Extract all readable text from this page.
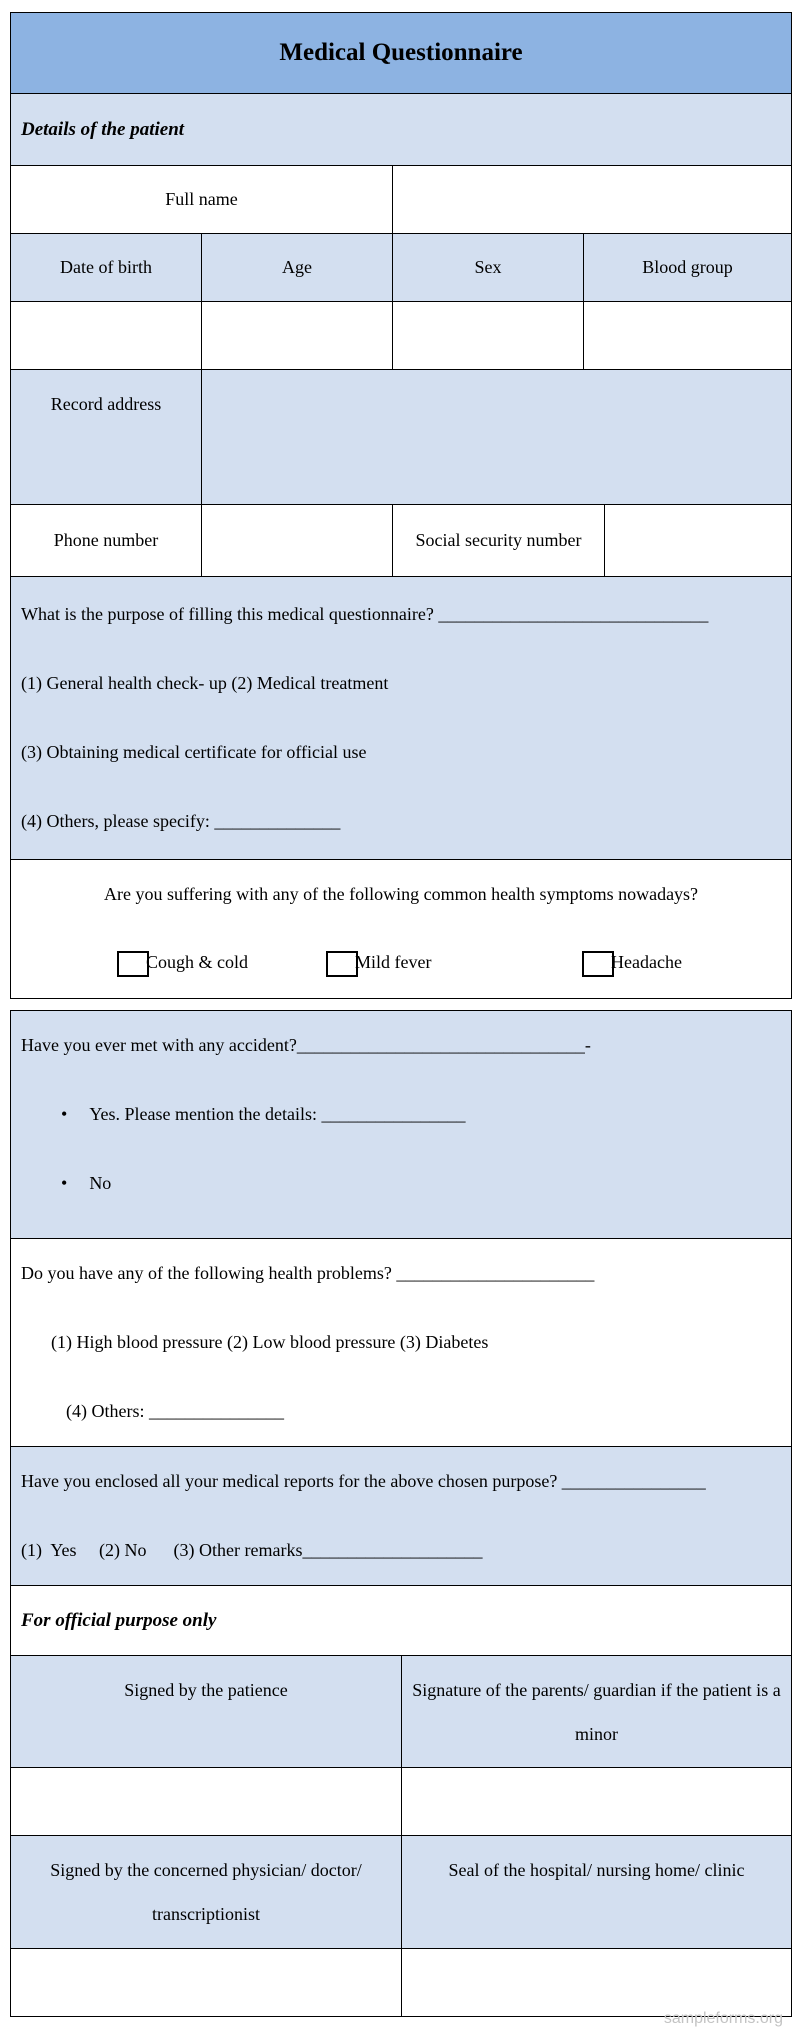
Medical Questionnaire			
Details of the patient			
Full name			
Date of birth	Age	Sex	Blood group

Record address			
Phone number		Social security number	

What is the purpose of filling this medical questionnaire? ______________________________
(1) General health check- up (2) Medical treatment
(3) Obtaining medical certificate for official use
(4) Others, please specify: ______________			

Are you suffering with any of the following common health symptoms nowadays?
Cough & cold Mild fever Headache			
Have you ever met with any accident?________________________________-
• Yes. Please mention the details: ________________
• No

Do you have any of the following health problems? ______________________
(1) High blood pressure (2) Low blood pressure (3) Diabetes
(4) Others: _______________	

Have you enclosed all your medical reports for the above chosen purpose? ________________
(1)  Yes     (2) No      (3) Other remarks____________________	

For official purpose only	
Signed by the patience	Signature of the parents/ guardian if the patient is a minor

Signed by the concerned physician/ doctor/ transcriptionist	Seal of the hospital/ nursing home/ clinic

sampleforms.org
